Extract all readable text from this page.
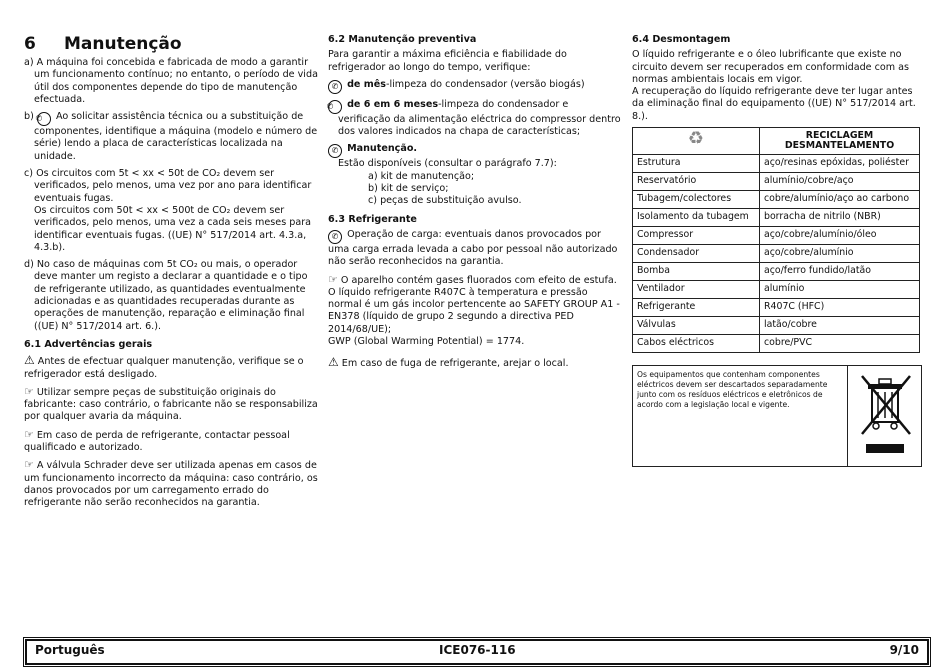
6 Manutenção

a) A máquina foi concebida e fabricada de modo a garantir um funcionamento contínuo; no entanto, o período de vida útil dos componentes depende do tipo de manutenção efectuada.

b) ✆ Ao solicitar assistência técnica ou a substituição de componentes, identifique a máquina (modelo e número de série) lendo a placa de características localizada na unidade.

c) Os circuitos com 5t < xx < 50t de CO₂ devem ser verificados, pelo menos, uma vez por ano para identificar eventuais fugas.

Os circuitos com 50t < xx < 500t de CO₂ devem ser verificados, pelo menos, uma vez a cada seis meses para identificar eventuais fugas. ((UE) N° 517/2014 art. 4.3.a, 4.3.b).

d) No caso de máquinas com 5t CO₂ ou mais, o operador deve manter um registo a declarar a quantidade e o tipo de refrigerante utilizado, as quantidades eventualmente adicionadas e as quantidades recuperadas durante as operações de manutenção, reparação e eliminação final ((UE) N° 517/2014 art. 6.).

6.1 Advertências gerais

⚠ Antes de efectuar qualquer manutenção, verifique se o refrigerador está desligado.

☞ Utilizar sempre peças de substituição originais do fabricante: caso contrário, o fabricante não se responsabiliza por qualquer avaria da máquina.

☞ Em caso de perda de refrigerante, contactar pessoal qualificado e autorizado.

☞ A válvula Schrader deve ser utilizada apenas em casos de um funcionamento incorrecto da máquina: caso contrário, os danos provocados por um carregamento errado do refrigerante não serão reconhecidos na garantia.

6.2 Manutenção preventiva

Para garantir a máxima eficiência e fiabilidade do refrigerador ao longo do tempo, verifique:

✆ de mês-limpeza do condensador (versão biogás)

✆ de 6 em 6 meses-limpeza do condensador e verificação da alimentação eléctrica do compressor dentro dos valores indicados na chapa de características;

✆ Manutenção.

Estão disponíveis (consultar o parágrafo 7.7):

a) kit de manutenção;

b) kit de serviço;

c) peças de substituição avulso.

6.3 Refrigerante

✆ Operação de carga: eventuais danos provocados por uma carga errada levada a cabo por pessoal não autorizado não serão reconhecidos na garantia.

☞ O aparelho contém gases fluorados com efeito de estufa.

O líquido refrigerante R407C à temperatura e pressão normal é um gás incolor pertencente ao SAFETY GROUP A1 - EN378 (líquido de grupo 2 segundo a directiva PED 2014/68/UE);

GWP (Global Warming Potential) = 1774.

⚠ Em caso de fuga de refrigerante, arejar o local.

6.4 Desmontagem

O líquido refrigerante e o óleo lubrificante que existe no circuito devem ser recuperados em conformidade com as normas ambientais locais em vigor.

A recuperação do líquido refrigerante deve ter lugar antes da eliminação final do equipamento ((UE) N° 517/2014 art. 8.).

♻	RECICLAGEM DESMANTELAMENTO
Estrutura	aço/resinas epóxidas, poliéster
Reservatório	alumínio/cobre/aço
Tubagem/colectores	cobre/alumínio/aço ao carbono
Isolamento da tubagem	borracha de nitrilo (NBR)
Compressor	aço/cobre/alumínio/óleo
Condensador	aço/cobre/alumínio
Bomba	aço/ferro fundido/latão
Ventilador	alumínio
Refrigerante	R407C (HFC)
Válvulas	latão/cobre
Cabos eléctricos	cobre/PVC
Os equipamentos que contenham componentes eléctricos devem ser descartados separadamente junto com os resíduos eléctricos e eletrônicos de acordo com a legislação local e vigente.
Português	ICE076-116	9/10
